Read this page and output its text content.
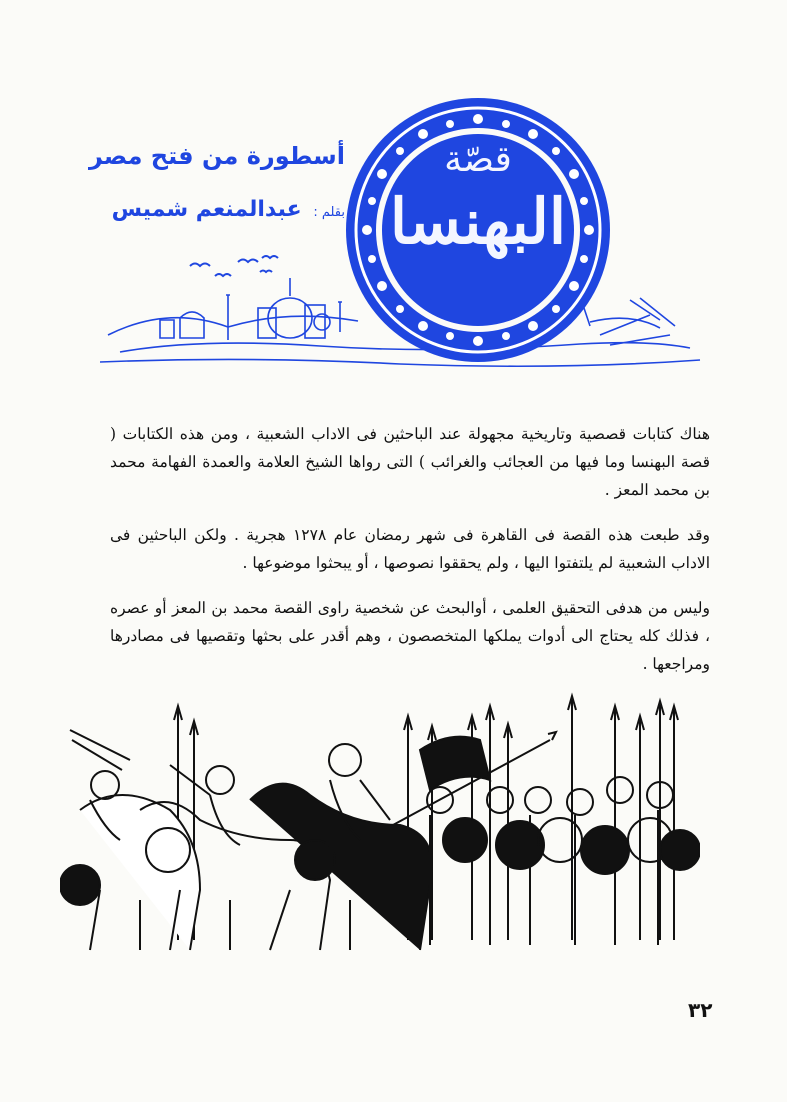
قصّة
البهنسا
أسطورة من فتح مصر
بقلم : عبدالمنعم شميس

هناك كتابات قصصية وتاريخية مجهولة عند الباحثين فى الاداب الشعبية ، ومن هذه الكتابات ( قصة البهنسا وما فيها من العجائب والغرائب ) التى رواها الشيخ العلامة والعمدة الفهامة محمد بن محمد المعز .

وقد طبعت هذه القصة فى القاهرة فى شهر رمضان عام ١٢٧٨ هجرية . ولكن الباحثين فى الاداب الشعبية لم يلتفتوا اليها ، ولم يحققوا نصوصها ، أو يبحثوا موضوعها .

وليس من هدفى التحقيق العلمى ، أوالبحث عن شخصية راوى القصة محمد بن المعز أو عصره ، فذلك كله يحتاج الى أدوات يملكها المتخصصون ، وهم أقدر على بحثها وتقصيها فى مصادرها ومراجعها .

٣٢
